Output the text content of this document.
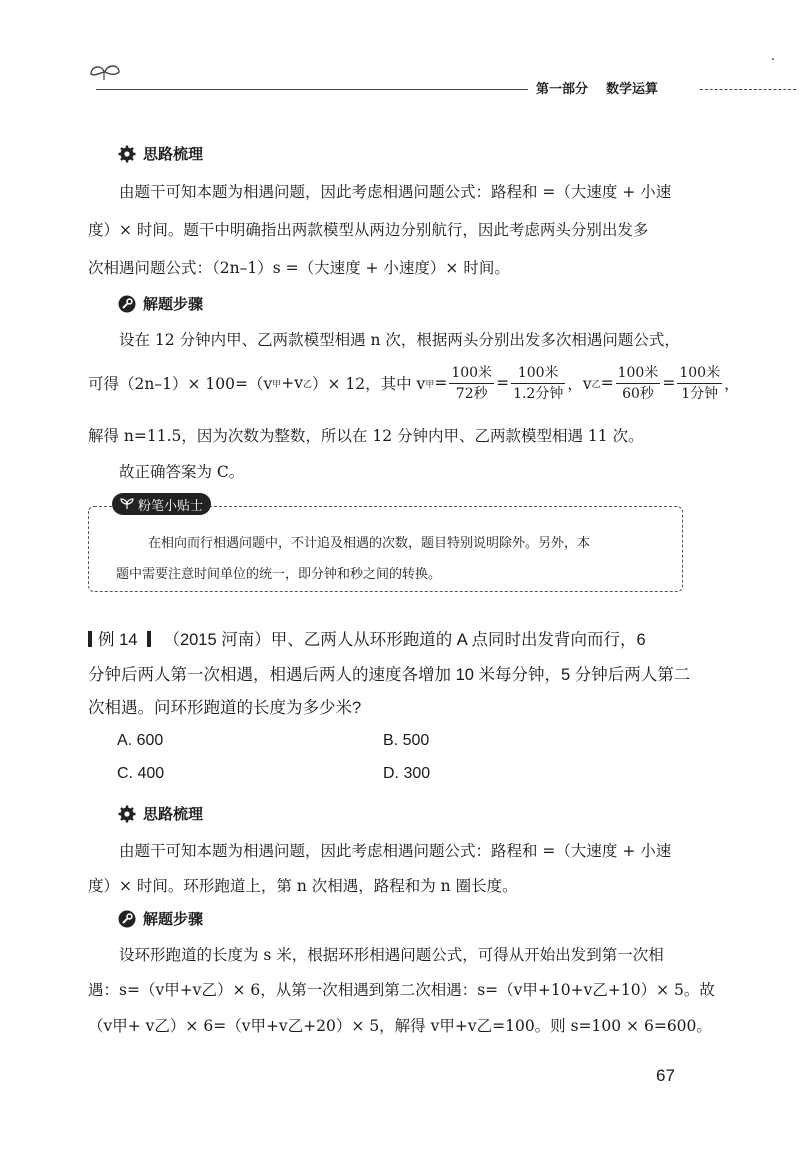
第一部分 数学运算
思路梳理
由题干可知本题为相遇问题，因此考虑相遇问题公式：路程和 =（大速度 + 小速
度）× 时间。题干中明确指出两款模型从两边分别航行，因此考虑两头分别出发多
次相遇问题公式：（2n–1）s =（大速度 + 小速度）× 时间。
解题步骤
设在 12 分钟内甲、乙两款模型相遇 n 次，根据两头分别出发多次相遇问题公式，
可得（2n–1）× 100=（v 甲 +v 乙 ）× 12，其中 v 甲 = $\frac{\text{100米}}{\text{72秒}} = \frac{\text{100米}}{\text{1.2分钟}}$ ，v 乙 = $\frac{\text{100米}}{\text{60秒}} = \frac{\text{100米}}{\text{1分钟}}$ ，
解得 n=11.5，因为次数为整数，所以在 12 分钟内甲、乙两款模型相遇 11 次。
故正确答案为 C。
粉笔小贴士
在相向而行相遇问题中，不计追及相遇的次数，题目特别说明除外。另外，本
题中需要注意时间单位的统一，即分钟和秒之间的转换。
例 14 （2015 河南）甲、乙两人从环形跑道的 A 点同时出发背向而行，6
分钟后两人第一次相遇，相遇后两人的速度各增加 10 米每分钟，5 分钟后两人第二
次相遇。问环形跑道的长度为多少米?
A. 600	B. 500
C. 400	D. 300
思路梳理
由题干可知本题为相遇问题，因此考虑相遇问题公式：路程和 =（大速度 + 小速
度）× 时间。环形跑道上，第 n 次相遇，路程和为 n 圈长度。
解题步骤
设环形跑道的长度为 s 米，根据环形相遇问题公式，可得从开始出发到第一次相
遇：s=（v甲+v乙）× 6，从第一次相遇到第二次相遇：s=（v甲+10+v乙+10）× 5。故
（v甲+ v乙）× 6=（v甲+v乙+20）× 5，解得 v甲+v乙=100。则 s=100 × 6=600。
67
